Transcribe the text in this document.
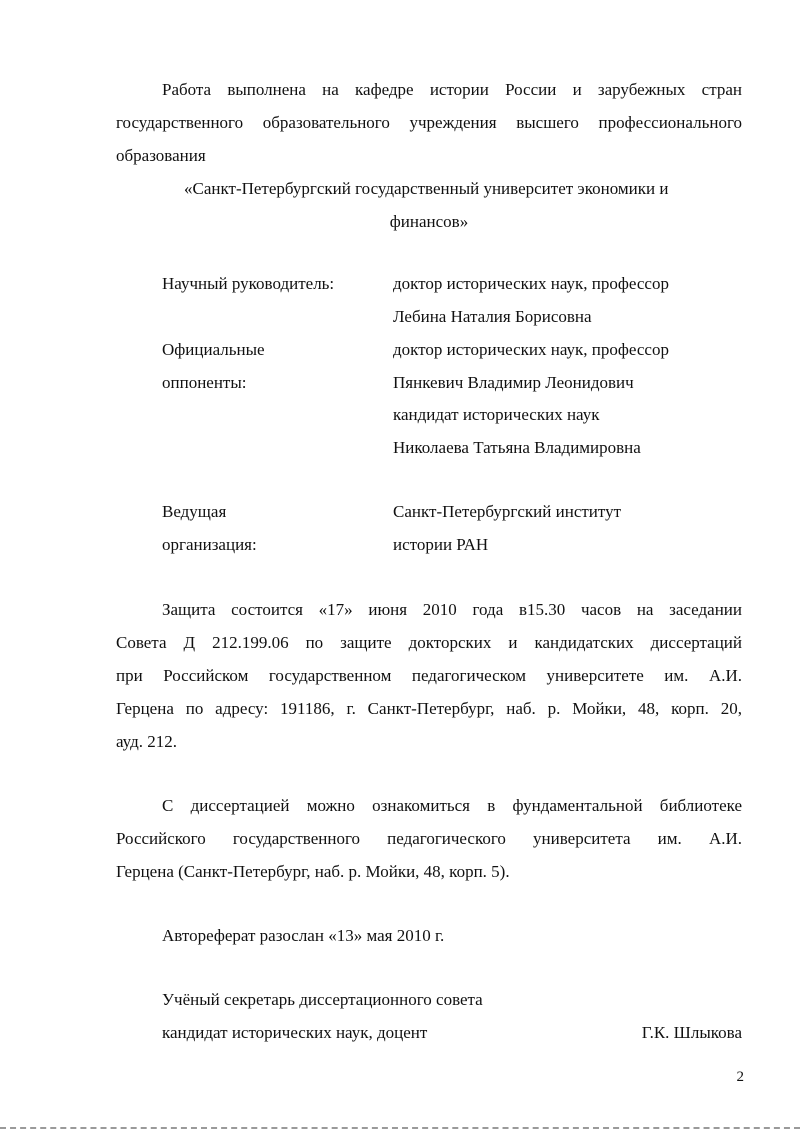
Работа выполнена на кафедре истории России и зарубежных стран
государственного образовательного учреждения высшего профессионального
образования
«Санкт-Петербургский государственный университет экономики и
финансов»
Научный руководитель:	доктор исторических наук, профессор
Лебина Наталия Борисовна
Официальные	доктор исторических наук, профессор
оппоненты:	Пянкевич Владимир Леонидович
кандидат исторических наук
Николаева Татьяна Владимировна
Ведущая	Санкт-Петербургский институт
организация:	истории РАН
Защита состоится «17» июня 2010 года в15.30 часов на заседании
Совета Д 212.199.06 по защите докторских и кандидатских диссертаций
при Российском государственном педагогическом университете им. А.И.
Герцена по адресу: 191186, г. Санкт-Петербург, наб. р. Мойки, 48, корп. 20,
ауд. 212.
С диссертацией можно ознакомиться в фундаментальной библиотеке
Российского государственного педагогического университета им. А.И.
Герцена (Санкт-Петербург, наб. р. Мойки, 48, корп. 5).
Автореферат разослан «13» мая 2010 г.
Учёный секретарь диссертационного совета
кандидат исторических наук, доцент	Г.К. Шлыкова
2
